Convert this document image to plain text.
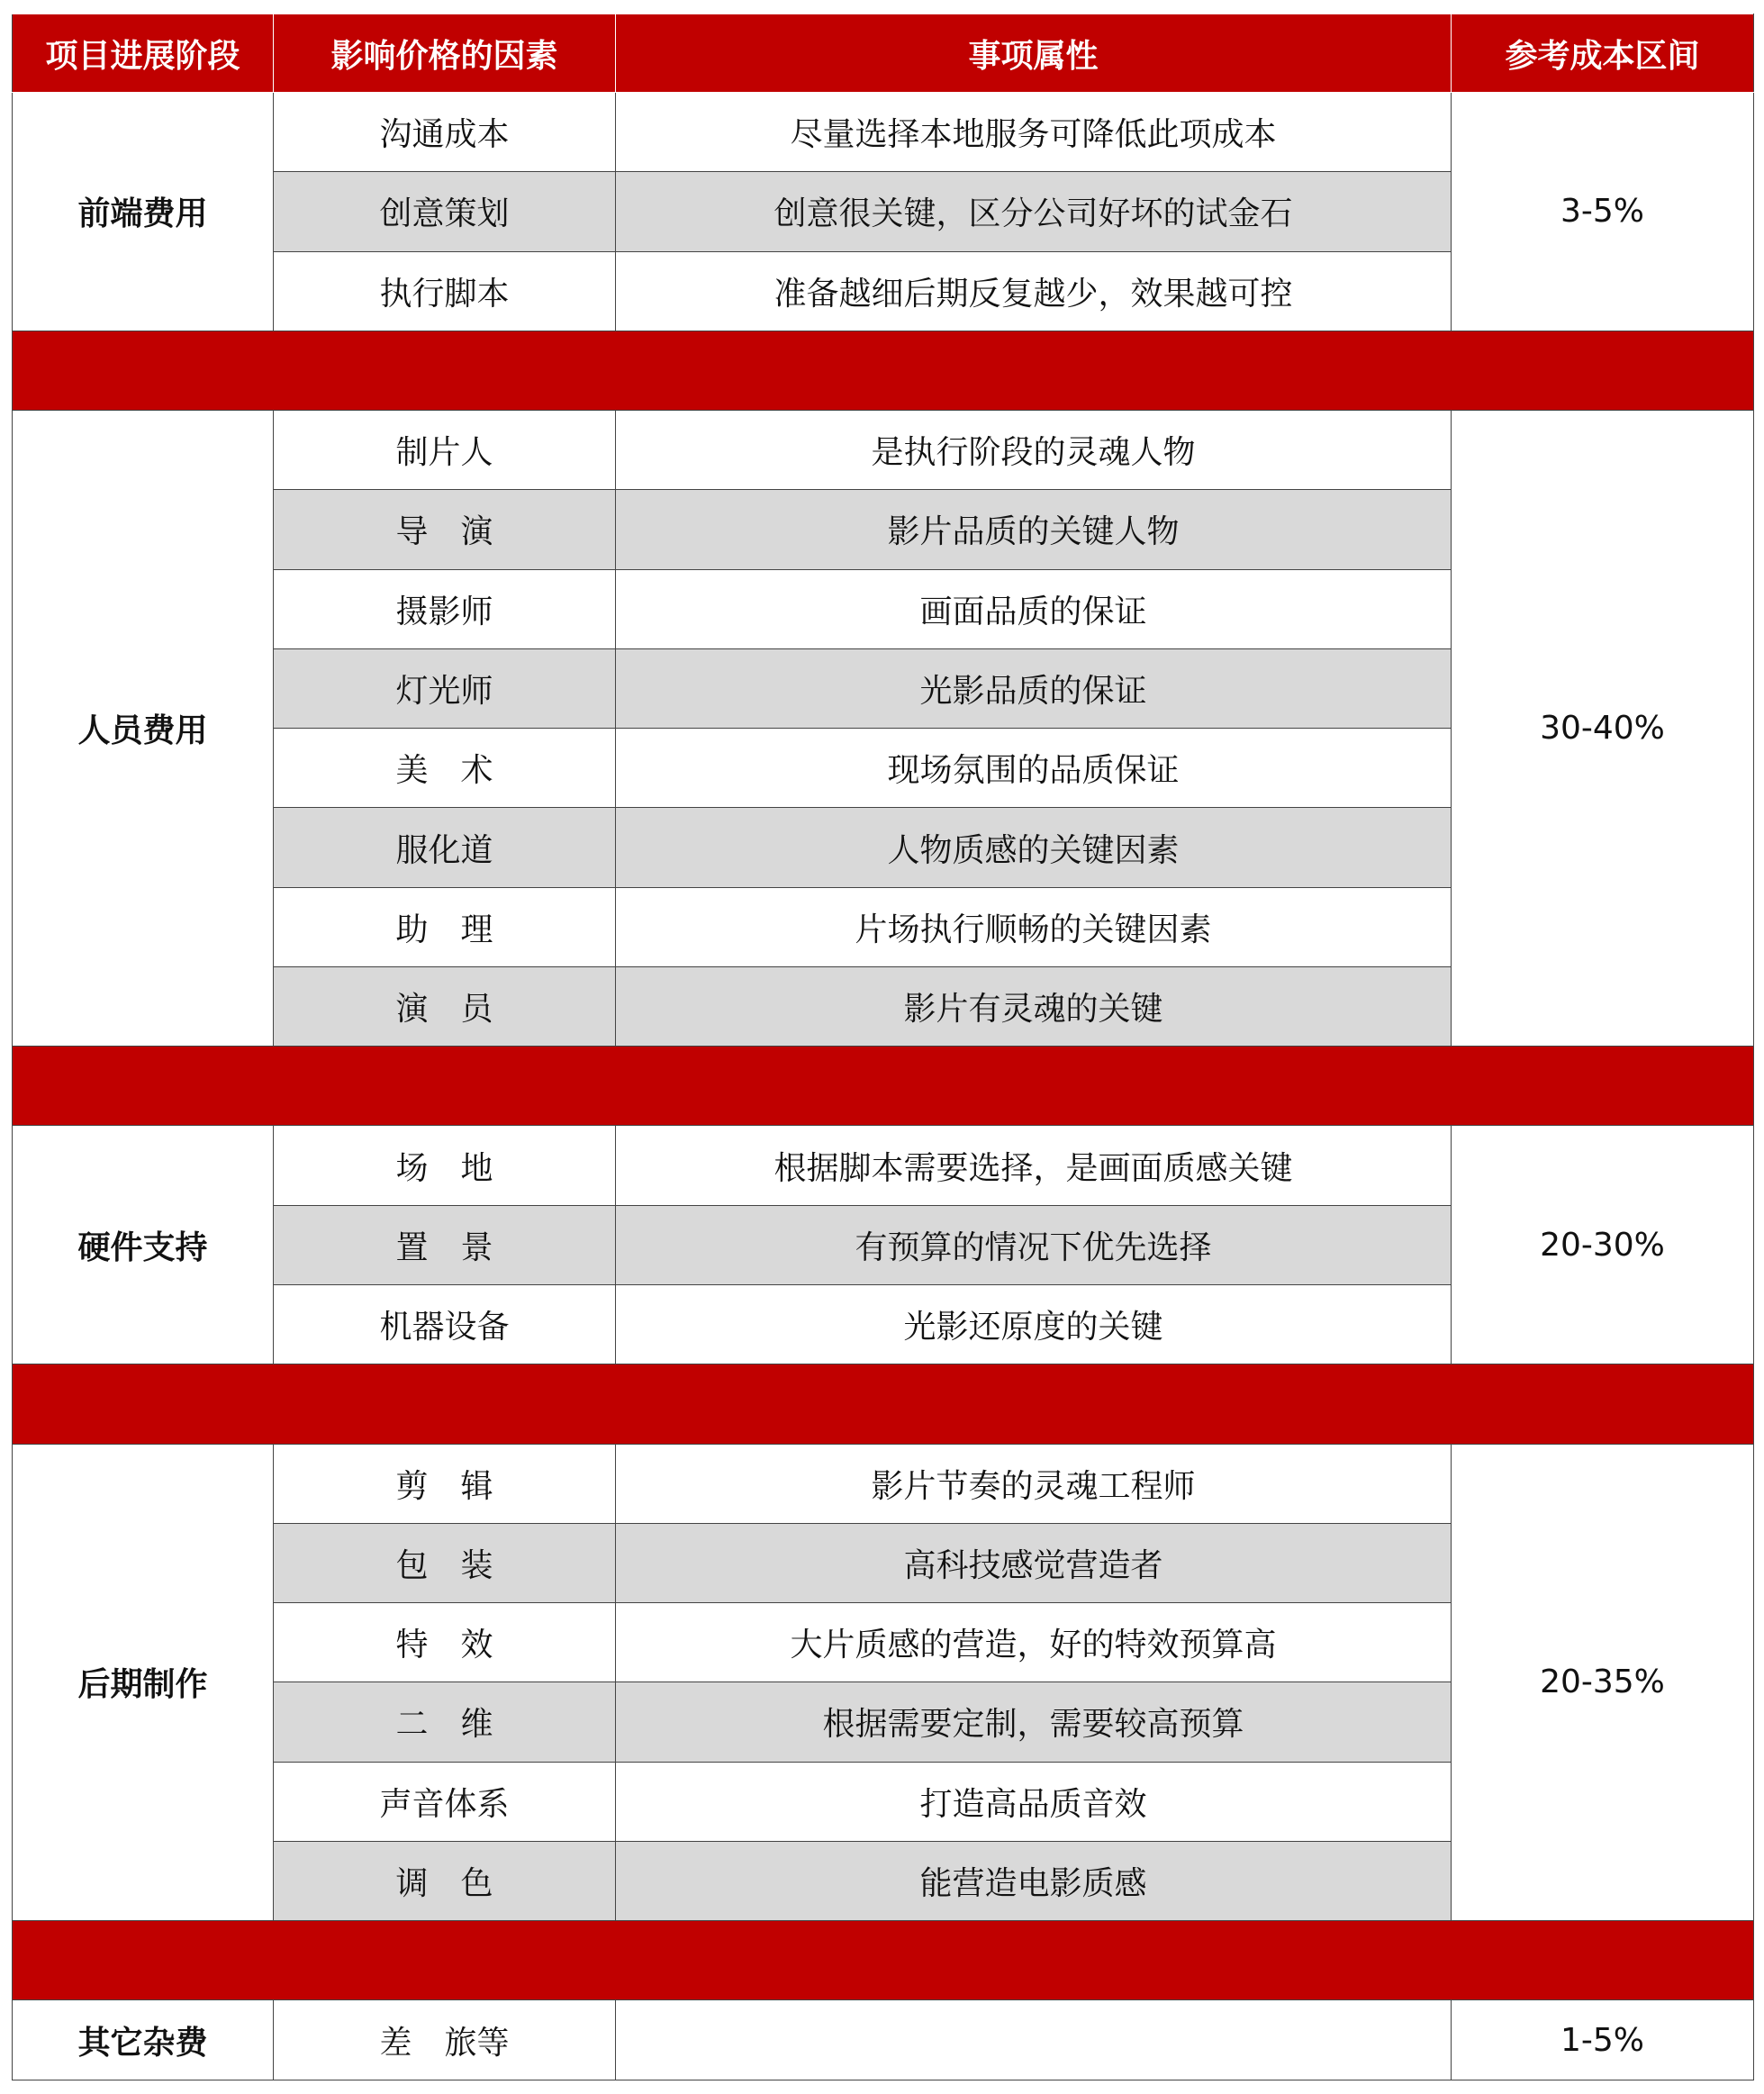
项目进展阶段	影响价格的因素	事项属性	参考成本区间
前端费用	沟通成本	尽量选择本地服务可降低此项成本	3-5%
	创意策划	创意很关键，区分公司好坏的试金石	
	执行脚本	准备越细后期反复越少，效果越可控	

人员费用	制片人	是执行阶段的灵魂人物	30-40%
	导　演	影片品质的关键人物	
	摄影师	画面品质的保证	
	灯光师	光影品质的保证	
	美　术	现场氛围的品质保证	
	服化道	人物质感的关键因素	
	助　理	片场执行顺畅的关键因素	
	演　员	影片有灵魂的关键	

硬件支持	场　地	根据脚本需要选择，是画面质感关键	20-30%
	置　景	有预算的情况下优先选择	
	机器设备	光影还原度的关键	

后期制作	剪　辑	影片节奏的灵魂工程师	20-35%
	包　装	高科技感觉营造者	
	特　效	大片质感的营造，好的特效预算高	
	二　维	根据需要定制，需要较高预算	
	声音体系	打造高品质音效	
	调　色	能营造电影质感	

其它杂费	差　旅等		1-5%
